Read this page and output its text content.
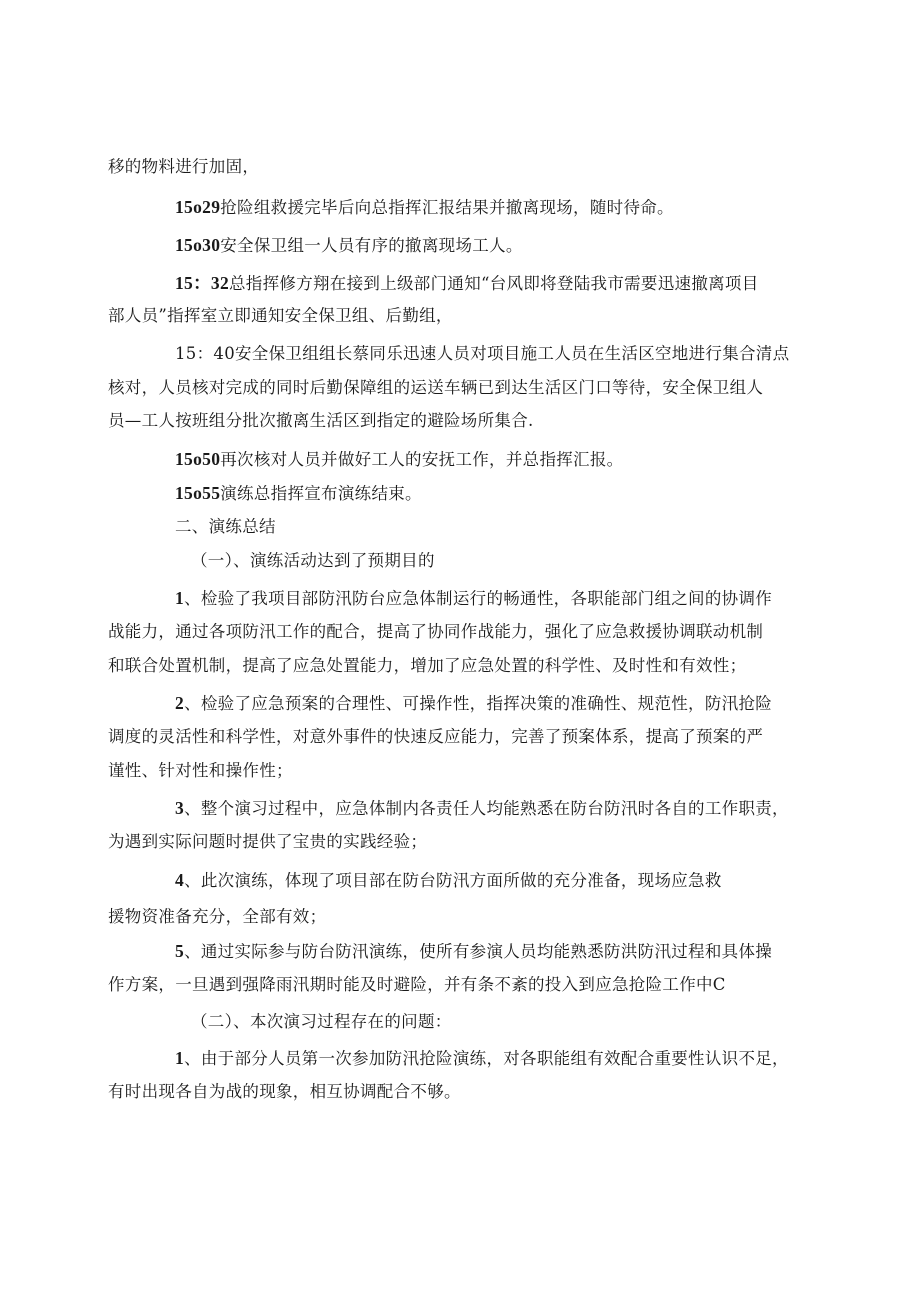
移的物料进行加固，
15o29抢险组救援完毕后向总指挥汇报结果并撤离现场，随时待命。
15o30安全保卫组一人员有序的撤离现场工人。
15：32总指挥修方翔在接到上级部门通知“台风即将登陆我市需要迅速撤离项目
部人员”指挥室立即通知安全保卫组、后勤组，
15：40安全保卫组组长蔡同乐迅速人员对项目施工人员在生活区空地进行集合清点
核对，人员核对完成的同时后勤保障组的运送车辆已到达生活区门口等待，安全保卫组人
员—工人按班组分批次撤离生活区到指定的避险场所集合.
15o50再次核对人员并做好工人的安抚工作，并总指挥汇报。
15o55演练总指挥宣布演练结束。
二、演练总结
（一）、演练活动达到了预期目的
1、检验了我项目部防汛防台应急体制运行的畅通性，各职能部门组之间的协调作
战能力，通过各项防汛工作的配合，提高了协同作战能力，强化了应急救援协调联动机制
和联合处置机制，提高了应急处置能力，增加了应急处置的科学性、及时性和有效性；
2、检验了应急预案的合理性、可操作性，指挥决策的准确性、规范性，防汛抢险
调度的灵活性和科学性，对意外事件的快速反应能力，完善了预案体系，提高了预案的严
谨性、针对性和操作性；
3、整个演习过程中，应急体制内各责任人均能熟悉在防台防汛时各自的工作职责，
为遇到实际问题时提供了宝贵的实践经验；
4、此次演练，体现了项目部在防台防汛方面所做的充分准备，现场应急救
援物资准备充分，全部有效；
5、通过实际参与防台防汛演练，使所有参演人员均能熟悉防洪防汛过程和具体操
作方案，一旦遇到强降雨汛期时能及时避险，并有条不紊的投入到应急抢险工作中C
（二）、本次演习过程存在的问题：
1、由于部分人员第一次参加防汛抢险演练，对各职能组有效配合重要性认识不足，
有时出现各自为战的现象，相互协调配合不够。
